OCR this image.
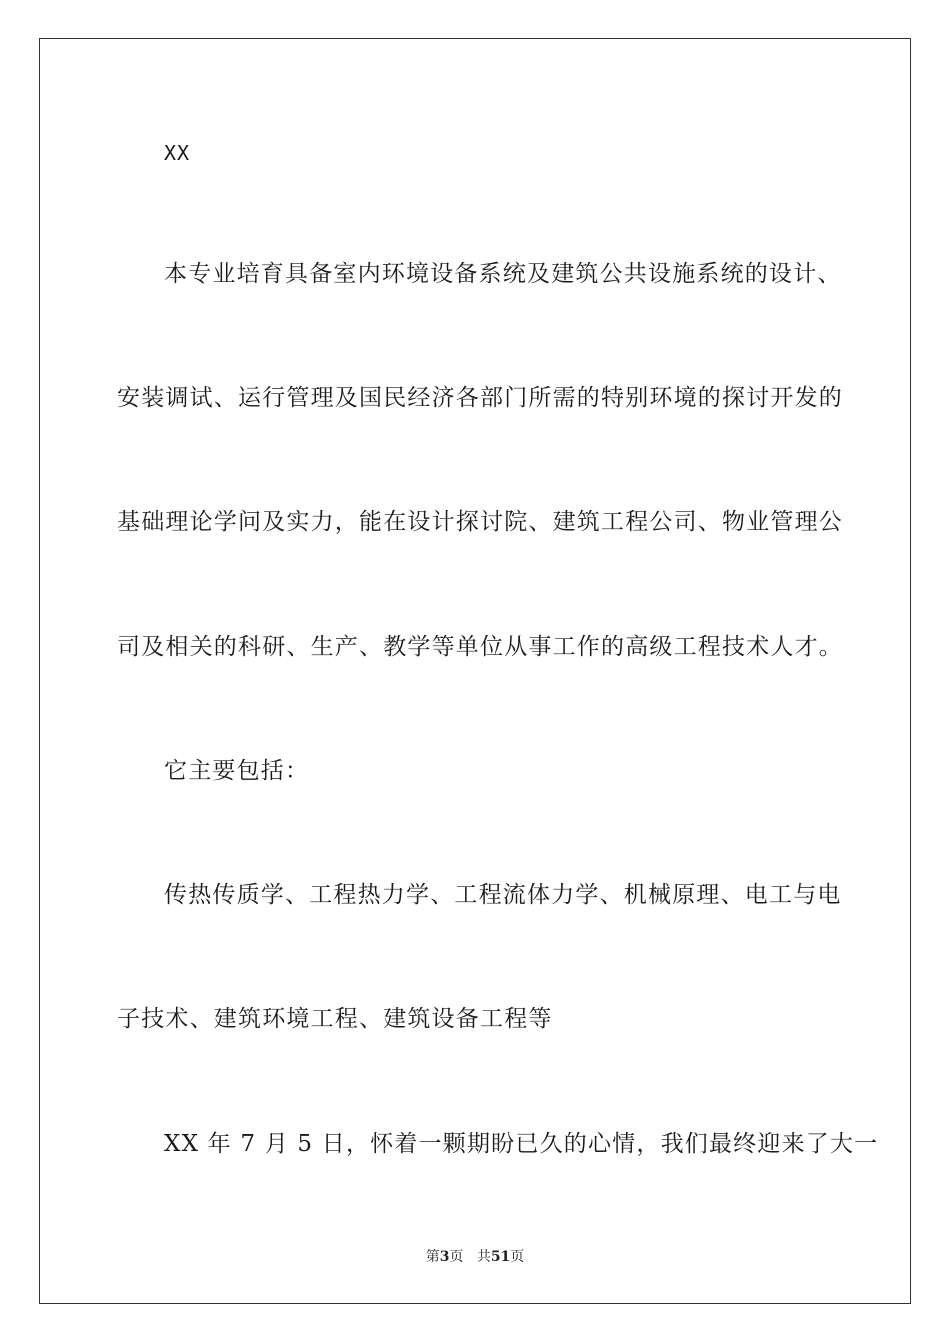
XX
本专业培育具备室内环境设备系统及建筑公共设施系统的设计、
安装调试、运行管理及国民经济各部门所需的特别环境的探讨开发的
基础理论学问及实力，能在设计探讨院、建筑工程公司、物业管理公
司及相关的科研、生产、教学等单位从事工作的高级工程技术人才。
它主要包括：
传热传质学、工程热力学、工程流体力学、机械原理、电工与电
子技术、建筑环境工程、建筑设备工程等
XX 年 7 月 5 日，怀着一颗期盼已久的心情，我们最终迎来了大一
第3页 共51页
